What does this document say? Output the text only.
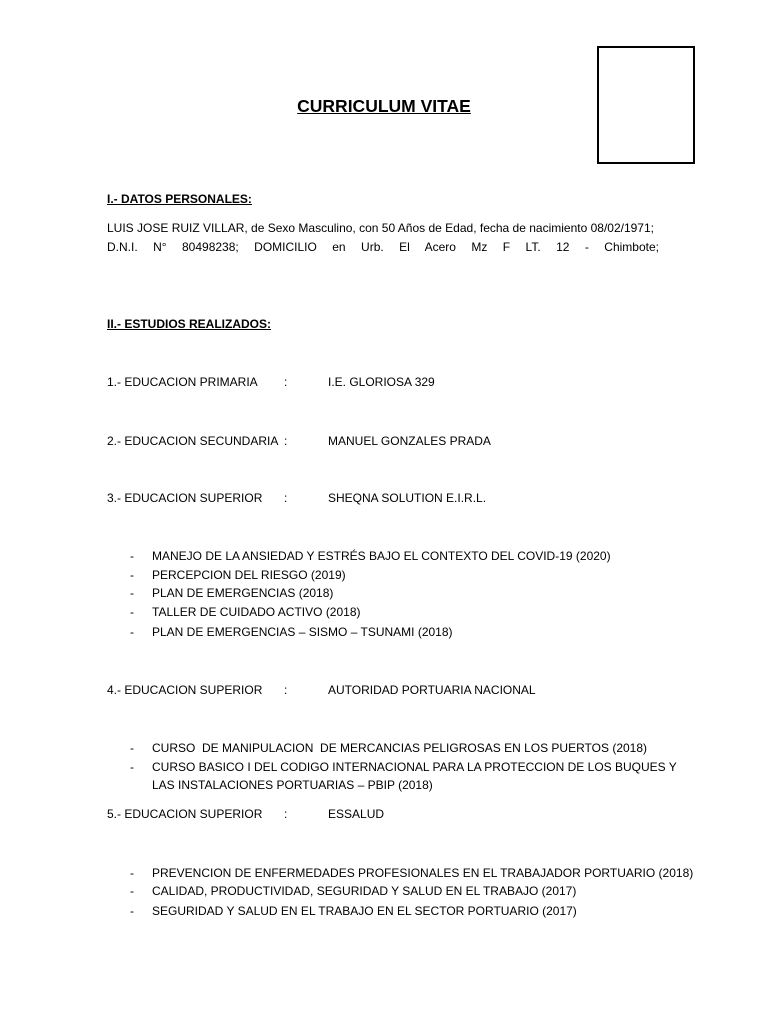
CURRICULUM VITAE
I.- DATOS PERSONALES:
LUIS JOSE RUIZ VILLAR, de Sexo Masculino, con 50 Años de Edad, fecha de nacimiento 08/02/1971;
D.N.I. N° 80498238; DOMICILIO en Urb. El Acero Mz F LT. 12 - Chimbote;
II.- ESTUDIOS REALIZADOS:
1.- EDUCACION PRIMARIA :	I.E. GLORIOSA 329
2.- EDUCACION SECUNDARIA :	MANUEL GONZALES PRADA
3.- EDUCACION SUPERIOR :	SHEQNA SOLUTION E.I.R.L.
- MANEJO DE LA ANSIEDAD Y ESTRÉS BAJO EL CONTEXTO DEL COVID-19 (2020)
- PERCEPCION DEL RIESGO (2019)
- PLAN DE EMERGENCIAS (2018)
- TALLER DE CUIDADO ACTIVO (2018)
- PLAN DE EMERGENCIAS – SISMO – TSUNAMI (2018)
4.- EDUCACION SUPERIOR :	AUTORIDAD PORTUARIA NACIONAL
- CURSO  DE MANIPULACION  DE MERCANCIAS PELIGROSAS EN LOS PUERTOS (2018)
- CURSO BASICO I DEL CODIGO INTERNACIONAL PARA LA PROTECCION DE LOS BUQUES Y
LAS INSTALACIONES PORTUARIAS – PBIP (2018)
5.- EDUCACION SUPERIOR :	ESSALUD
- PREVENCION DE ENFERMEDADES PROFESIONALES EN EL TRABAJADOR PORTUARIO (2018)
- CALIDAD, PRODUCTIVIDAD, SEGURIDAD Y SALUD EN EL TRABAJO (2017)
- SEGURIDAD Y SALUD EN EL TRABAJO EN EL SECTOR PORTUARIO (2017)
